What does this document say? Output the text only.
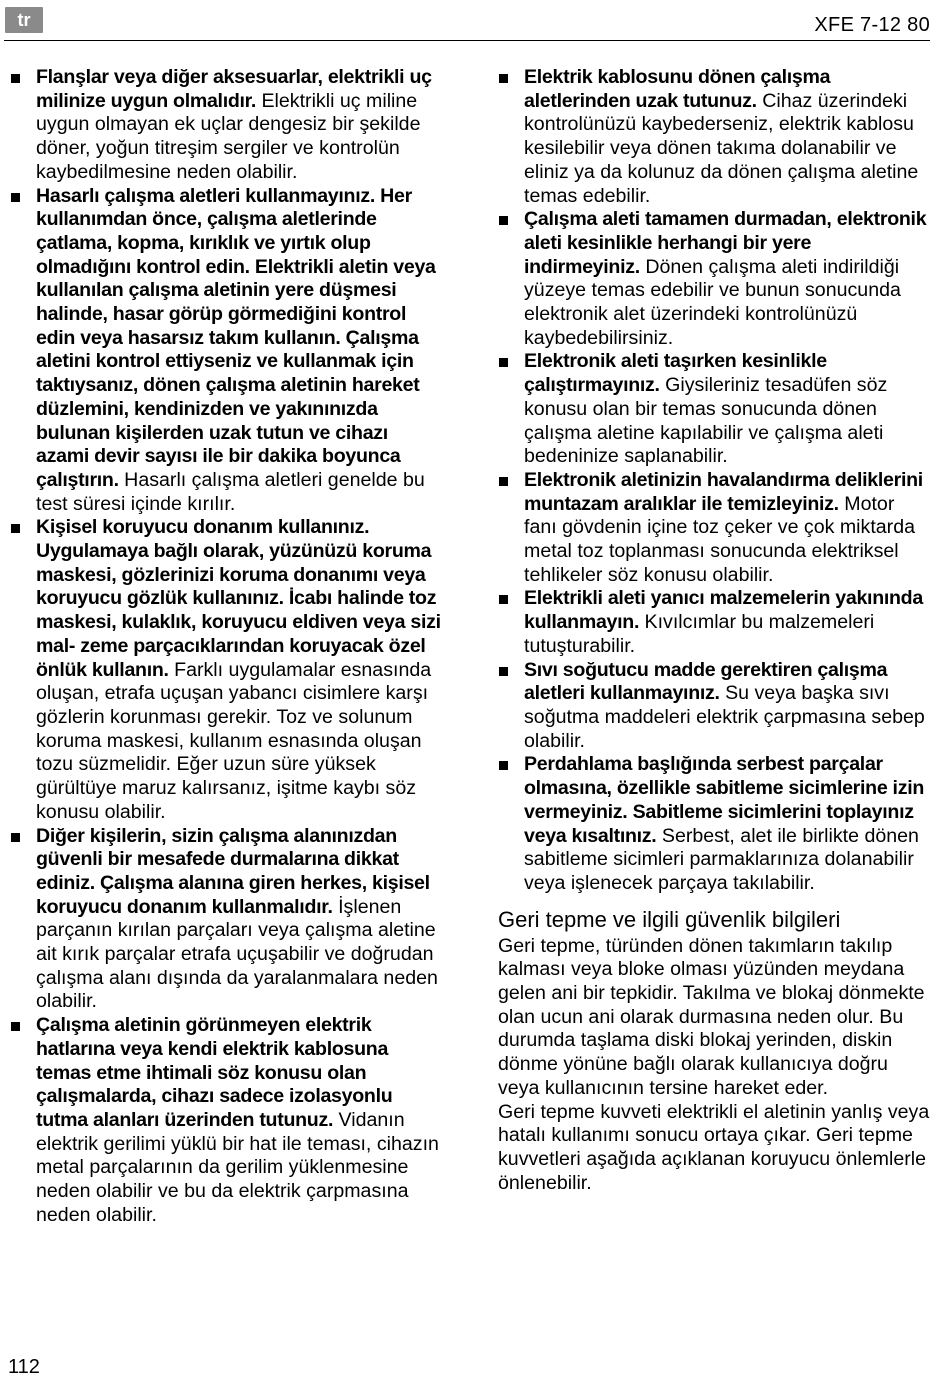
tr	XFE 7-12 80

Flanşlar veya diğer aksesuarlar, elektrikli uç milinize uygun olmalıdır. Elektrikli uç miline uygun olmayan ek uçlar dengesiz bir şekilde döner, yoğun titreşim sergiler ve kontrolün kaybedilmesine neden olabilir.

Hasarlı çalışma aletleri kullanmayınız. Her kullanımdan önce, çalışma aletlerinde çatlama, kopma, kırıklık ve yırtık olup olmadığını kontrol edin. Elektrikli aletin veya kullanılan çalışma aletinin yere düşmesi halinde, hasar görüp görmediğini kontrol edin veya hasarsız takım kullanın. Çalışma aletini kontrol ettiyseniz ve kullanmak için taktıysanız, dönen çalışma aletinin hareket düzlemini, kendinizden ve yakınınızda bulunan kişilerden uzak tutun ve cihazı azami devir sayısı ile bir dakika boyunca çalıştırın. Hasarlı çalışma aletleri genelde bu test süresi içinde kırılır.

Kişisel koruyucu donanım kullanınız. Uygulamaya bağlı olarak, yüzünüzü koruma maskesi, gözlerinizi koruma donanımı veya koruyucu gözlük kullanınız. İcabı halinde toz maskesi, kulaklık, koruyucu eldiven veya sizi mal- zeme parçacıklarından koruyacak özel önlük kullanın. Farklı uygulamalar esnasında oluşan, etrafa uçuşan yabancı cisimlere karşı gözlerin korunması gerekir. Toz ve solunum koruma maskesi, kullanım esnasında oluşan tozu süzmelidir. Eğer uzun süre yüksek gürültüye maruz kalırsanız, işitme kaybı söz konusu olabilir.

Diğer kişilerin, sizin çalışma alanınızdan güvenli bir mesafede durmalarına dikkat ediniz. Çalışma alanına giren herkes, kişisel koruyucu donanım kullanmalıdır. İşlenen parçanın kırılan parçaları veya çalışma aletine ait kırık parçalar etrafa uçuşabilir ve doğrudan çalışma alanı dışında da yaralanmalara neden olabilir.

Çalışma aletinin görünmeyen elektrik hatlarına veya kendi elektrik kablosuna temas etme ihtimali söz konusu olan çalışmalarda, cihazı sadece izolasyonlu tutma alanları üzerinden tutunuz. Vidanın elektrik gerilimi yüklü bir hat ile teması, cihazın metal parçalarının da gerilim yüklenmesine neden olabilir ve bu da elektrik çarpmasına neden olabilir.

Elektrik kablosunu dönen çalışma aletlerinden uzak tutunuz. Cihaz üzerindeki kontrolünüzü kaybederseniz, elektrik kablosu kesilebilir veya dönen takıma dolanabilir ve eliniz ya da kolunuz da dönen çalışma aletine temas edebilir.

Çalışma aleti tamamen durmadan, elektronik aleti kesinlikle herhangi bir yere indirmeyiniz. Dönen çalışma aleti indirildiği yüzeye temas edebilir ve bunun sonucunda elektronik alet üzerindeki kontrolünüzü kaybedebilirsiniz.

Elektronik aleti taşırken kesinlikle çalıştırmayınız. Giysileriniz tesadüfen söz konusu olan bir temas sonucunda dönen çalışma aletine kapılabilir ve çalışma aleti bedeninize saplanabilir.

Elektronik aletinizin havalandırma deliklerini muntazam aralıklar ile temizleyiniz. Motor fanı gövdenin içine toz çeker ve çok miktarda metal toz toplanması sonucunda elektriksel tehlikeler söz konusu olabilir.

Elektrikli aleti yanıcı malzemelerin yakınında kullanmayın. Kıvılcımlar bu malzemeleri tutuşturabilir.

Sıvı soğutucu madde gerektiren çalışma aletleri kullanmayınız. Su veya başka sıvı soğutma maddeleri elektrik çarpmasına sebep olabilir.

Perdahlama başlığında serbest parçalar olmasına, özellikle sabitleme sicimlerine izin vermeyiniz. Sabitleme sicimlerini toplayınız veya kısaltınız. Serbest, alet ile birlikte dönen sabitleme sicimleri parmaklarınıza dolanabilir veya işlenecek parçaya takılabilir.

Geri tepme ve ilgili güvenlik bilgileri

Geri tepme, türünden dönen takımların takılıp kalması veya bloke olması yüzünden meydana gelen ani bir tepkidir. Takılma ve blokaj dönmekte olan ucun ani olarak durmasına neden olur. Bu durumda taşlama diski blokaj yerinden, diskin dönme yönüne bağlı olarak kullanıcıya doğru veya kullanıcının tersine hareket eder.

Geri tepme kuvveti elektrikli el aletinin yanlış veya hatalı kullanımı sonucu ortaya çıkar. Geri tepme kuvvetleri aşağıda açıklanan koruyucu önlemlerle önlenebilir.

112
